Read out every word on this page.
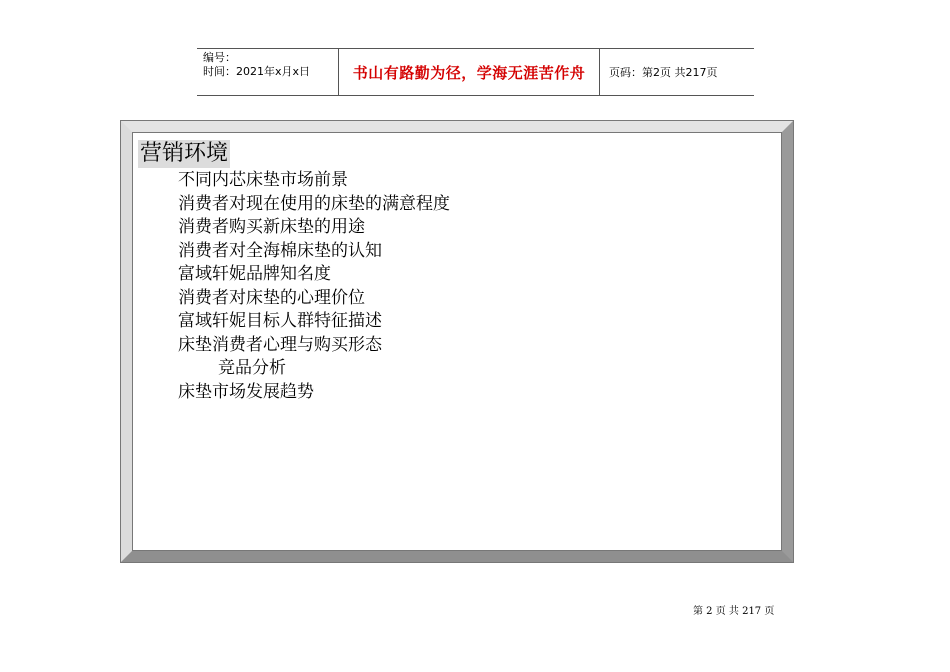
编号：
时间：2021年x月x日	书山有路勤为径，学海无涯苦作舟	页码：第2页 共217页
营销环境
不同内芯床垫市场前景
消费者对现在使用的床垫的满意程度
消费者购买新床垫的用途
消费者对全海棉床垫的认知
富域轩妮品牌知名度
消费者对床垫的心理价位
富域轩妮目标人群特征描述
床垫消费者心理与购买形态
竞品分析
床垫市场发展趋势
第 2 页 共 217 页
